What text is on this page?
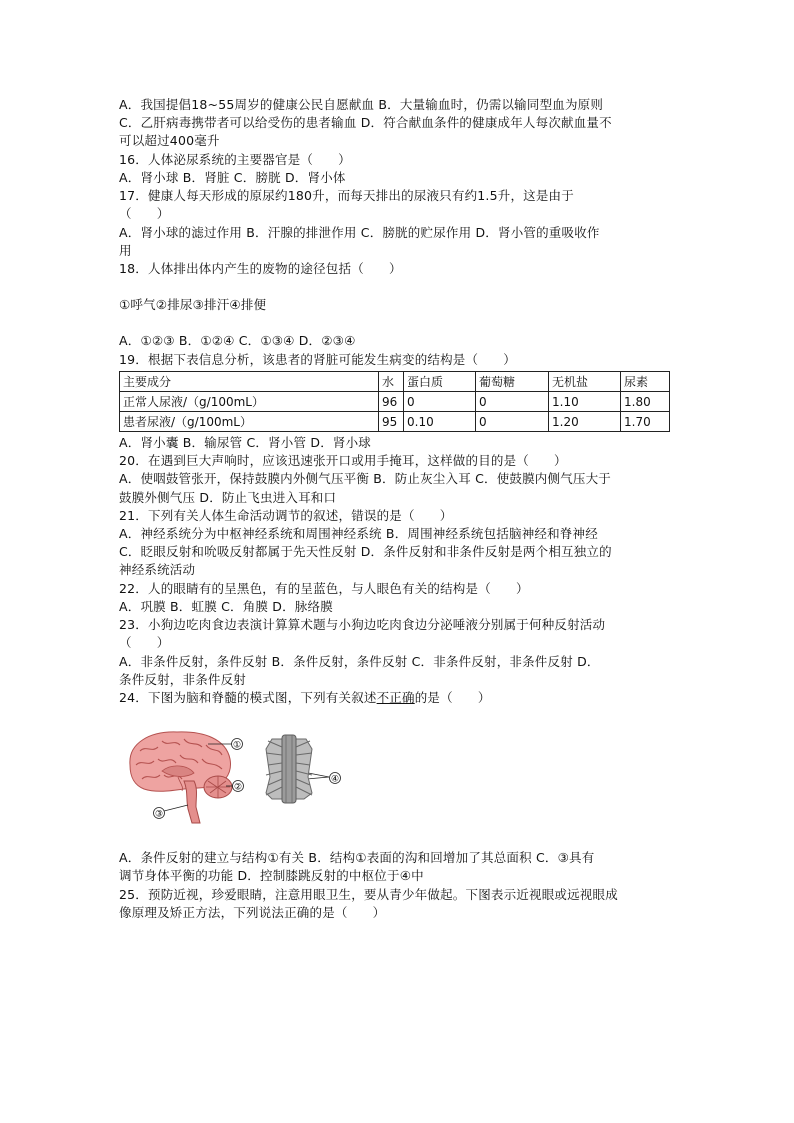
A．我国提倡18~55周岁的健康公民自愿献血 B．大量输血时，仍需以输同型血为原则
C．乙肝病毒携带者可以给受伤的患者输血 D．符合献血条件的健康成年人每次献血量不
可以超过400毫升
16．人体泌尿系统的主要器官是（      ）
A．肾小球 B．肾脏 C．膀胱 D．肾小体
17．健康人每天形成的原尿约180升，而每天排出的尿液只有约1.5升，这是由于
（      ）
A．肾小球的滤过作用 B．汗腺的排泄作用 C．膀胱的贮尿作用 D．肾小管的重吸收作
用
18．人体排出体内产生的废物的途径包括（      ）
①呼气②排尿③排汗④排便
A．①②③ B．①②④ C．①③④ D．②③④
19．根据下表信息分析，该患者的肾脏可能发生病变的结构是（      ）
主要成分	水	蛋白质	葡萄糖	无机盐	尿素
正常人尿液/（g/100mL）	96	0	0	1.10	1.80
患者尿液/（g/100mL）	95	0.10	0	1.20	1.70
A．肾小囊 B．输尿管 C．肾小管 D．肾小球
20．在遇到巨大声响时，应该迅速张开口或用手掩耳，这样做的目的是（      ）
A．使咽鼓管张开，保持鼓膜内外侧气压平衡 B．防止灰尘入耳 C．使鼓膜内侧气压大于
鼓膜外侧气压 D．防止飞虫进入耳和口
21．下列有关人体生命活动调节的叙述，错误的是（      ）
A．神经系统分为中枢神经系统和周围神经系统 B．周围神经系统包括脑神经和脊神经
C．眨眼反射和吮吸反射都属于先天性反射 D．条件反射和非条件反射是两个相互独立的
神经系统活动
22．人的眼睛有的呈黑色，有的呈蓝色，与人眼色有关的结构是（      ）
A．巩膜 B．虹膜 C．角膜 D．脉络膜
23．小狗边吃肉食边表演计算算术题与小狗边吃肉食边分泌唾液分别属于何种反射活动
（      ）
A．非条件反射，条件反射 B．条件反射，条件反射 C．非条件反射，非条件反射 D．
条件反射，非条件反射
24．下图为脑和脊髓的模式图，下列有关叙述不正确的是（      ）
①
②
③
④
A．条件反射的建立与结构①有关 B．结构①表面的沟和回增加了其总面积 C．③具有
调节身体平衡的功能 D．控制膝跳反射的中枢位于④中
25．预防近视，珍爱眼睛，注意用眼卫生，要从青少年做起。下图表示近视眼或远视眼成
像原理及矫正方法，下列说法正确的是（      ）
